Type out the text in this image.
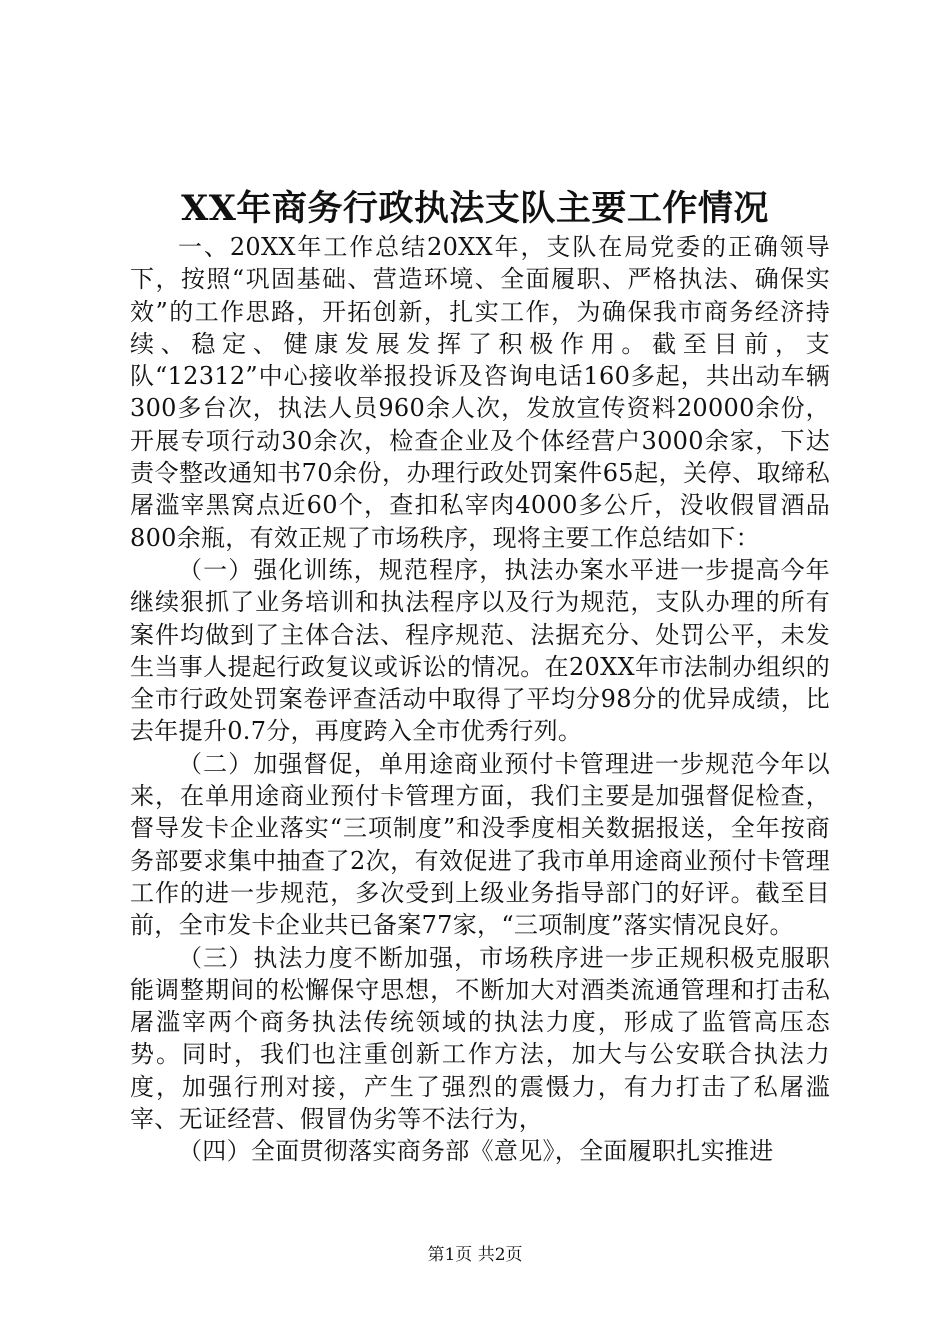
XX年商务行政执法支队主要工作情况

一、20XX年工作总结20XX年，支队在局党委的正确领导下，按照“巩固基础、营造环境、全面履职、严格执法、确保实效”的工作思路，开拓创新，扎实工作，为确保我市商务经济持续、稳定、健康发展发挥了积极作用。截至目前，支队“12312”中心接收举报投诉及咨询电话160多起，共出动车辆300多台次，执法人员960余人次，发放宣传资料20000余份，开展专项行动30余次，检查企业及个体经营户3000余家，下达责令整改通知书70余份，办理行政处罚案件65起，关停、取缔私屠滥宰黑窝点近60个，查扣私宰肉4000多公斤，没收假冒酒品800余瓶，有效正规了市场秩序，现将主要工作总结如下：

（一）强化训练，规范程序，执法办案水平进一步提高今年继续狠抓了业务培训和执法程序以及行为规范，支队办理的所有案件均做到了主体合法、程序规范、法据充分、处罚公平，未发生当事人提起行政复议或诉讼的情况。在20XX年市法制办组织的全市行政处罚案卷评查活动中取得了平均分98分的优异成绩，比去年提升0.7分，再度跨入全市优秀行列。

（二）加强督促，单用途商业预付卡管理进一步规范今年以来，在单用途商业预付卡管理方面，我们主要是加强督促检查，督导发卡企业落实“三项制度”和没季度相关数据报送，全年按商务部要求集中抽查了2次，有效促进了我市单用途商业预付卡管理工作的进一步规范，多次受到上级业务指导部门的好评。截至目前，全市发卡企业共已备案77家，“三项制度”落实情况良好。

（三）执法力度不断加强，市场秩序进一步正规积极克服职能调整期间的松懈保守思想，不断加大对酒类流通管理和打击私屠滥宰两个商务执法传统领域的执法力度，形成了监管高压态势。同时，我们也注重创新工作方法，加大与公安联合执法力度，加强行刑对接，产生了强烈的震慑力，有力打击了私屠滥宰、无证经营、假冒伪劣等不法行为，

（四）全面贯彻落实商务部《意见》，全面履职扎实推进

第1页 共2页
